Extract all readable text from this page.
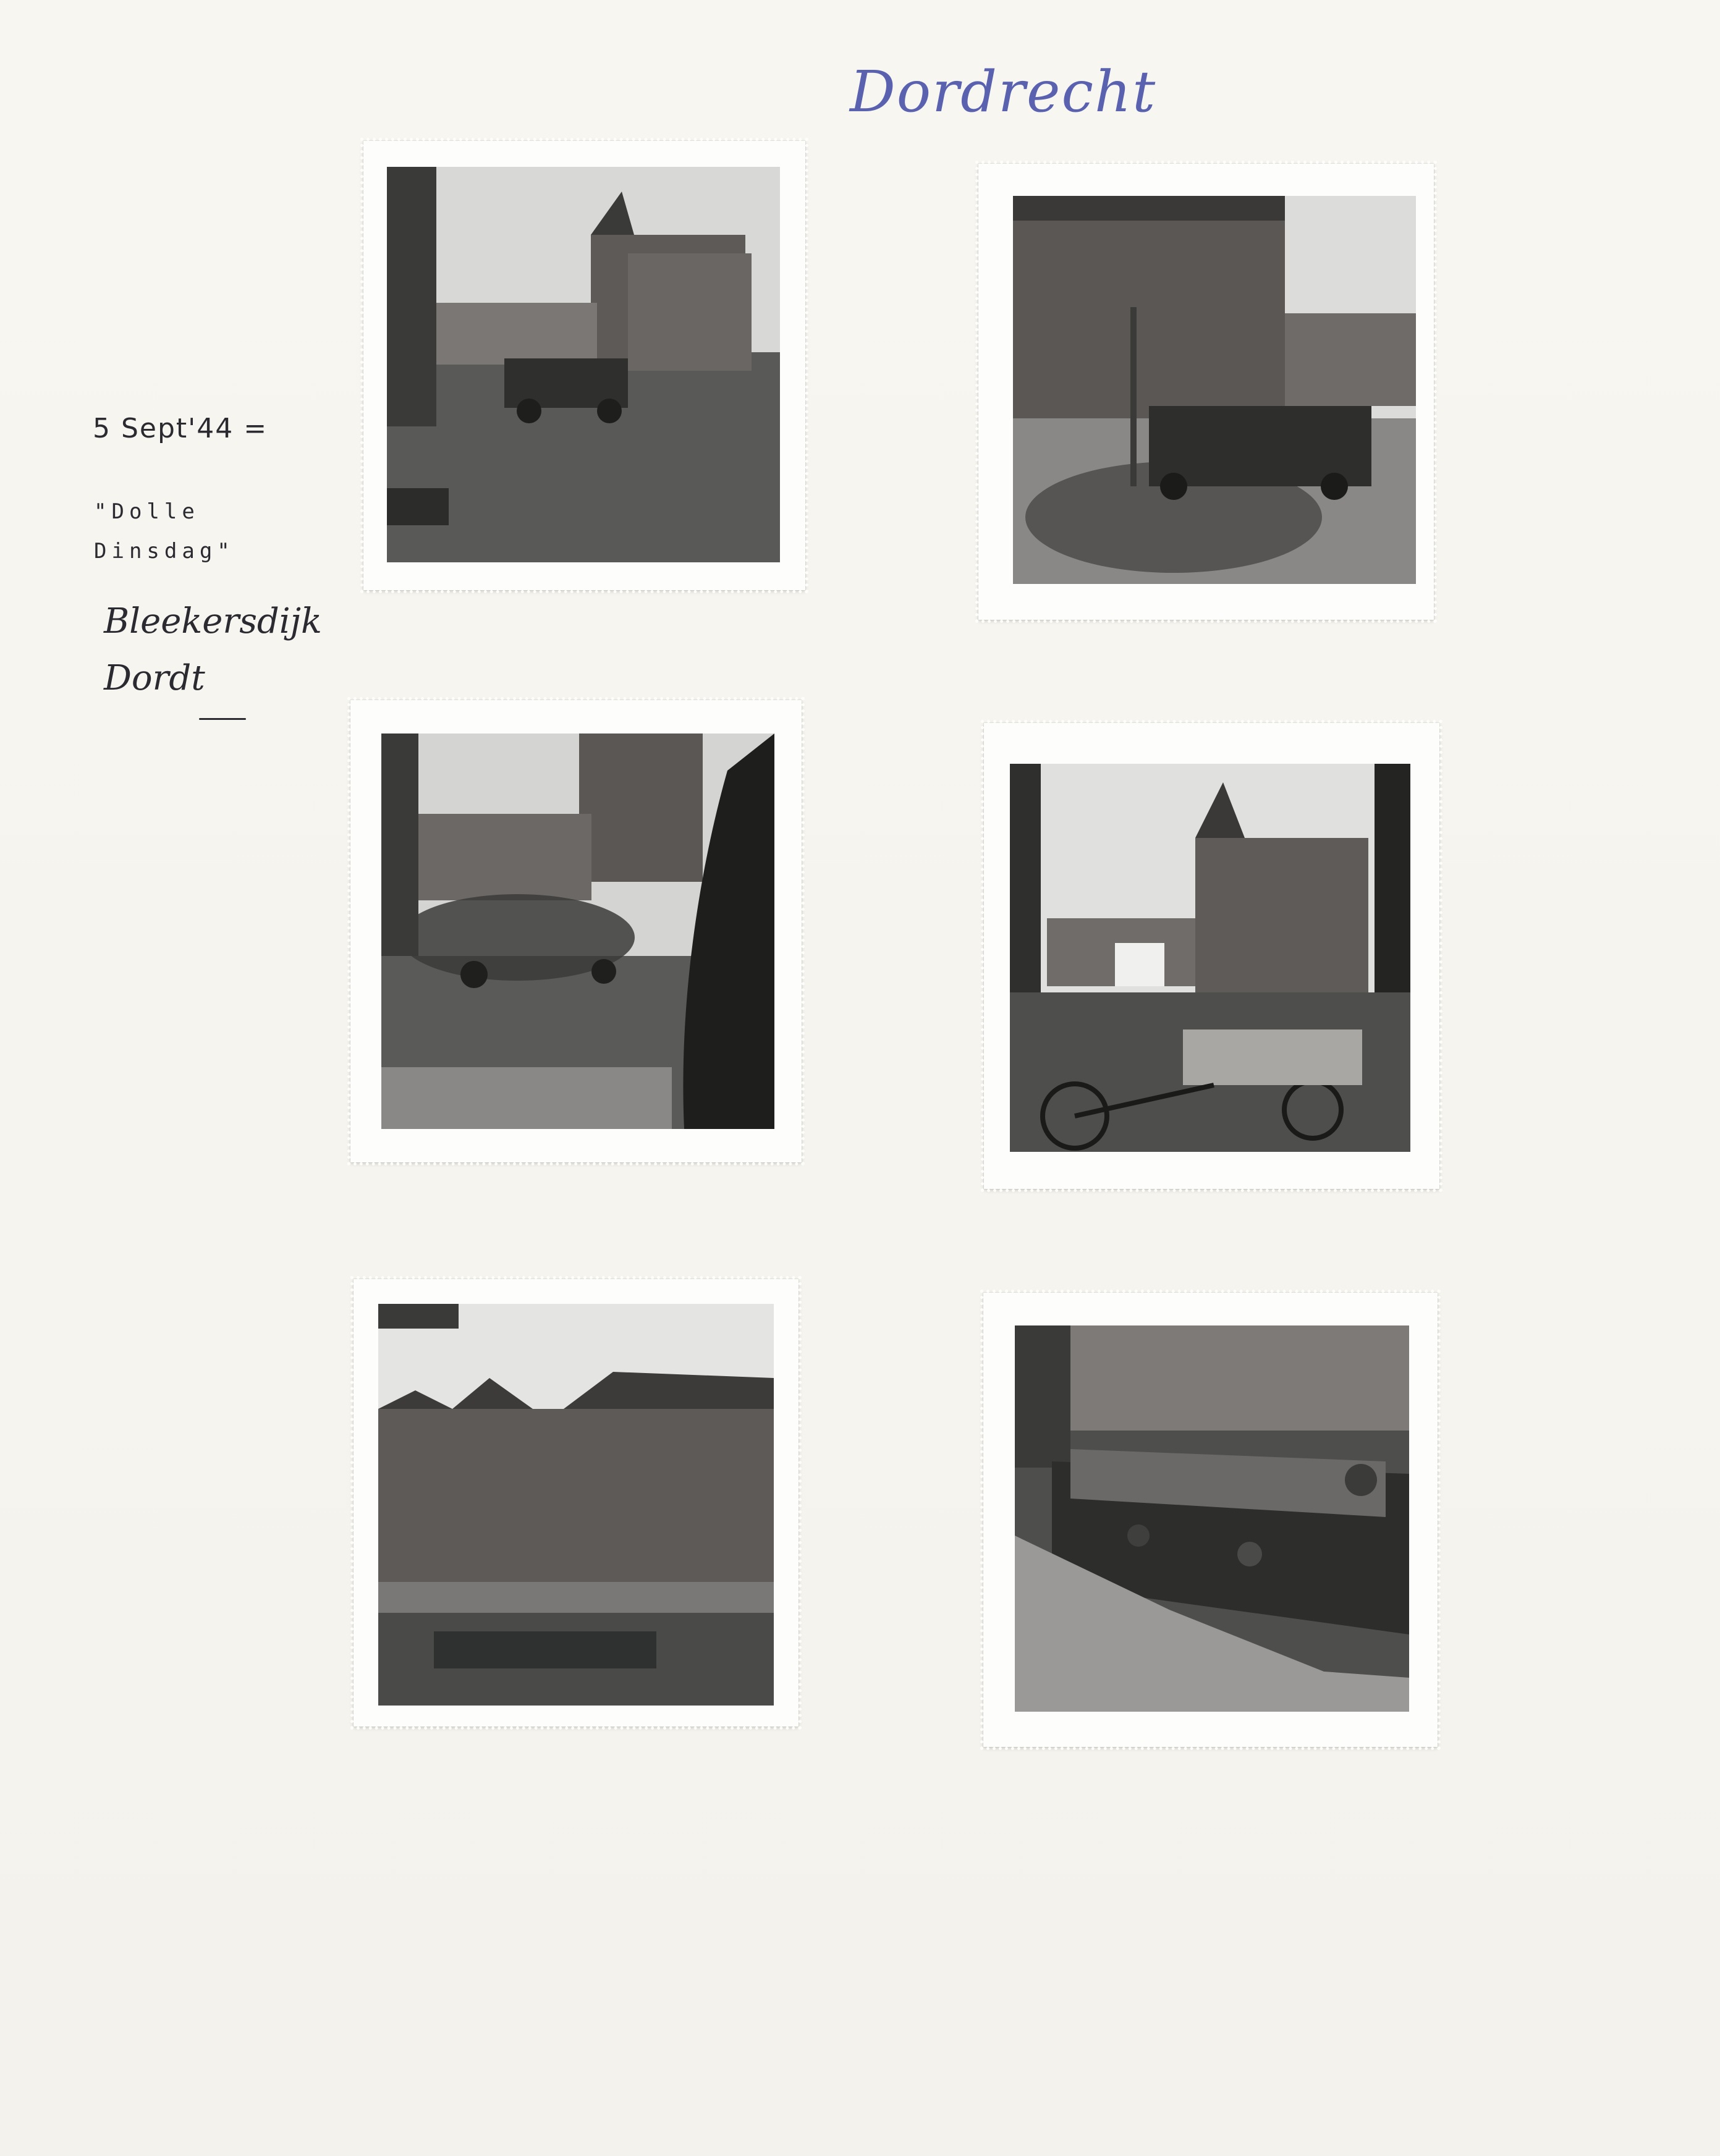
Dordrecht
5 Sept'44 =
"Dolle
Dinsdag"
Bleekersdijk
Dordt
